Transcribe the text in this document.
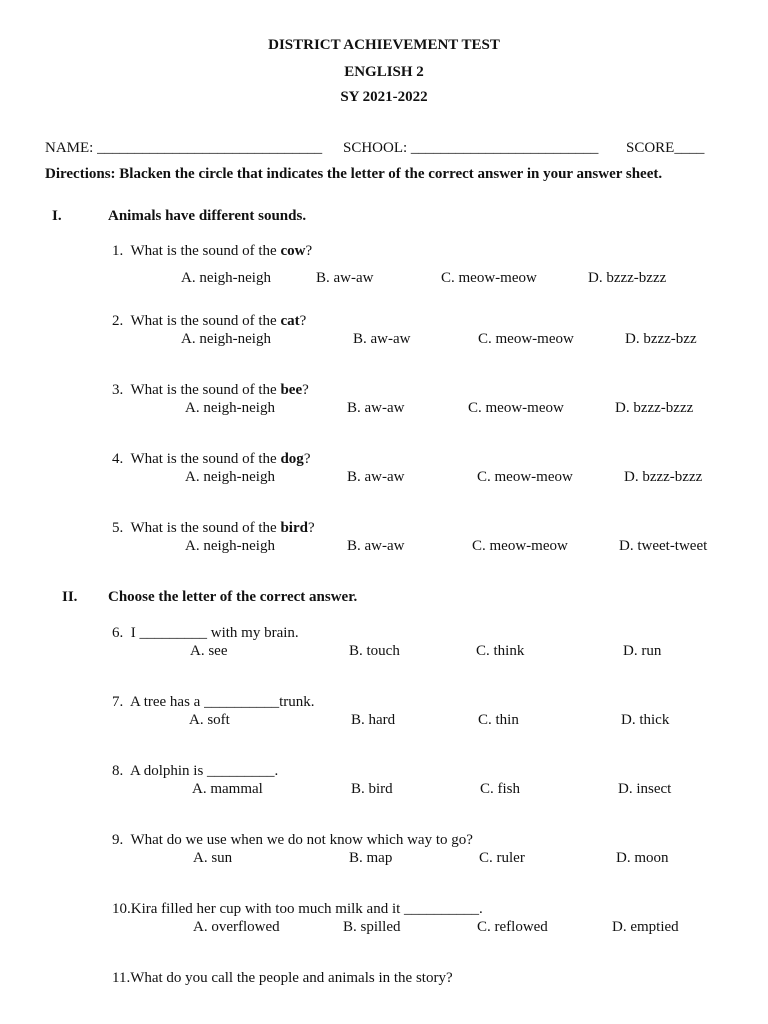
DISTRICT ACHIEVEMENT TEST
ENGLISH 2
SY 2021-2022
NAME: ______________________________ SCHOOL: _________________________ SCORE____
Directions: Blacken the circle that indicates the letter of the correct answer in your answer sheet.
I.	Animals have different sounds.
1. What is the sound of the cow?
A. neigh-neigh	B. aw-aw	C. meow-meow	D. bzzz-bzzz
2. What is the sound of the cat?
A. neigh-neigh	B. aw-aw	C. meow-meow	D. bzzz-bzz
3. What is the sound of the bee?
A. neigh-neigh	B. aw-aw	C. meow-meow	D. bzzz-bzzz
4. What is the sound of the dog?
A. neigh-neigh	B. aw-aw	C. meow-meow	D. bzzz-bzzz
5. What is the sound of the bird?
A. neigh-neigh	B. aw-aw	C. meow-meow	D. tweet-tweet
II. Choose the letter of the correct answer.
6. I _________ with my brain.
A. see	B. touch	C. think	D. run
7. A tree has a __________trunk.
A. soft	B. hard	C. thin	D. thick
8. A dolphin is _________.
A. mammal	B. bird	C. fish	D. insect
9. What do we use when we do not know which way to go?
A. sun	B. map	C. ruler	D. moon
10.Kira filled her cup with too much milk and it __________.
A. overflowed	B. spilled	C. reflowed	D. emptied
11.What do you call the people and animals in the story?
